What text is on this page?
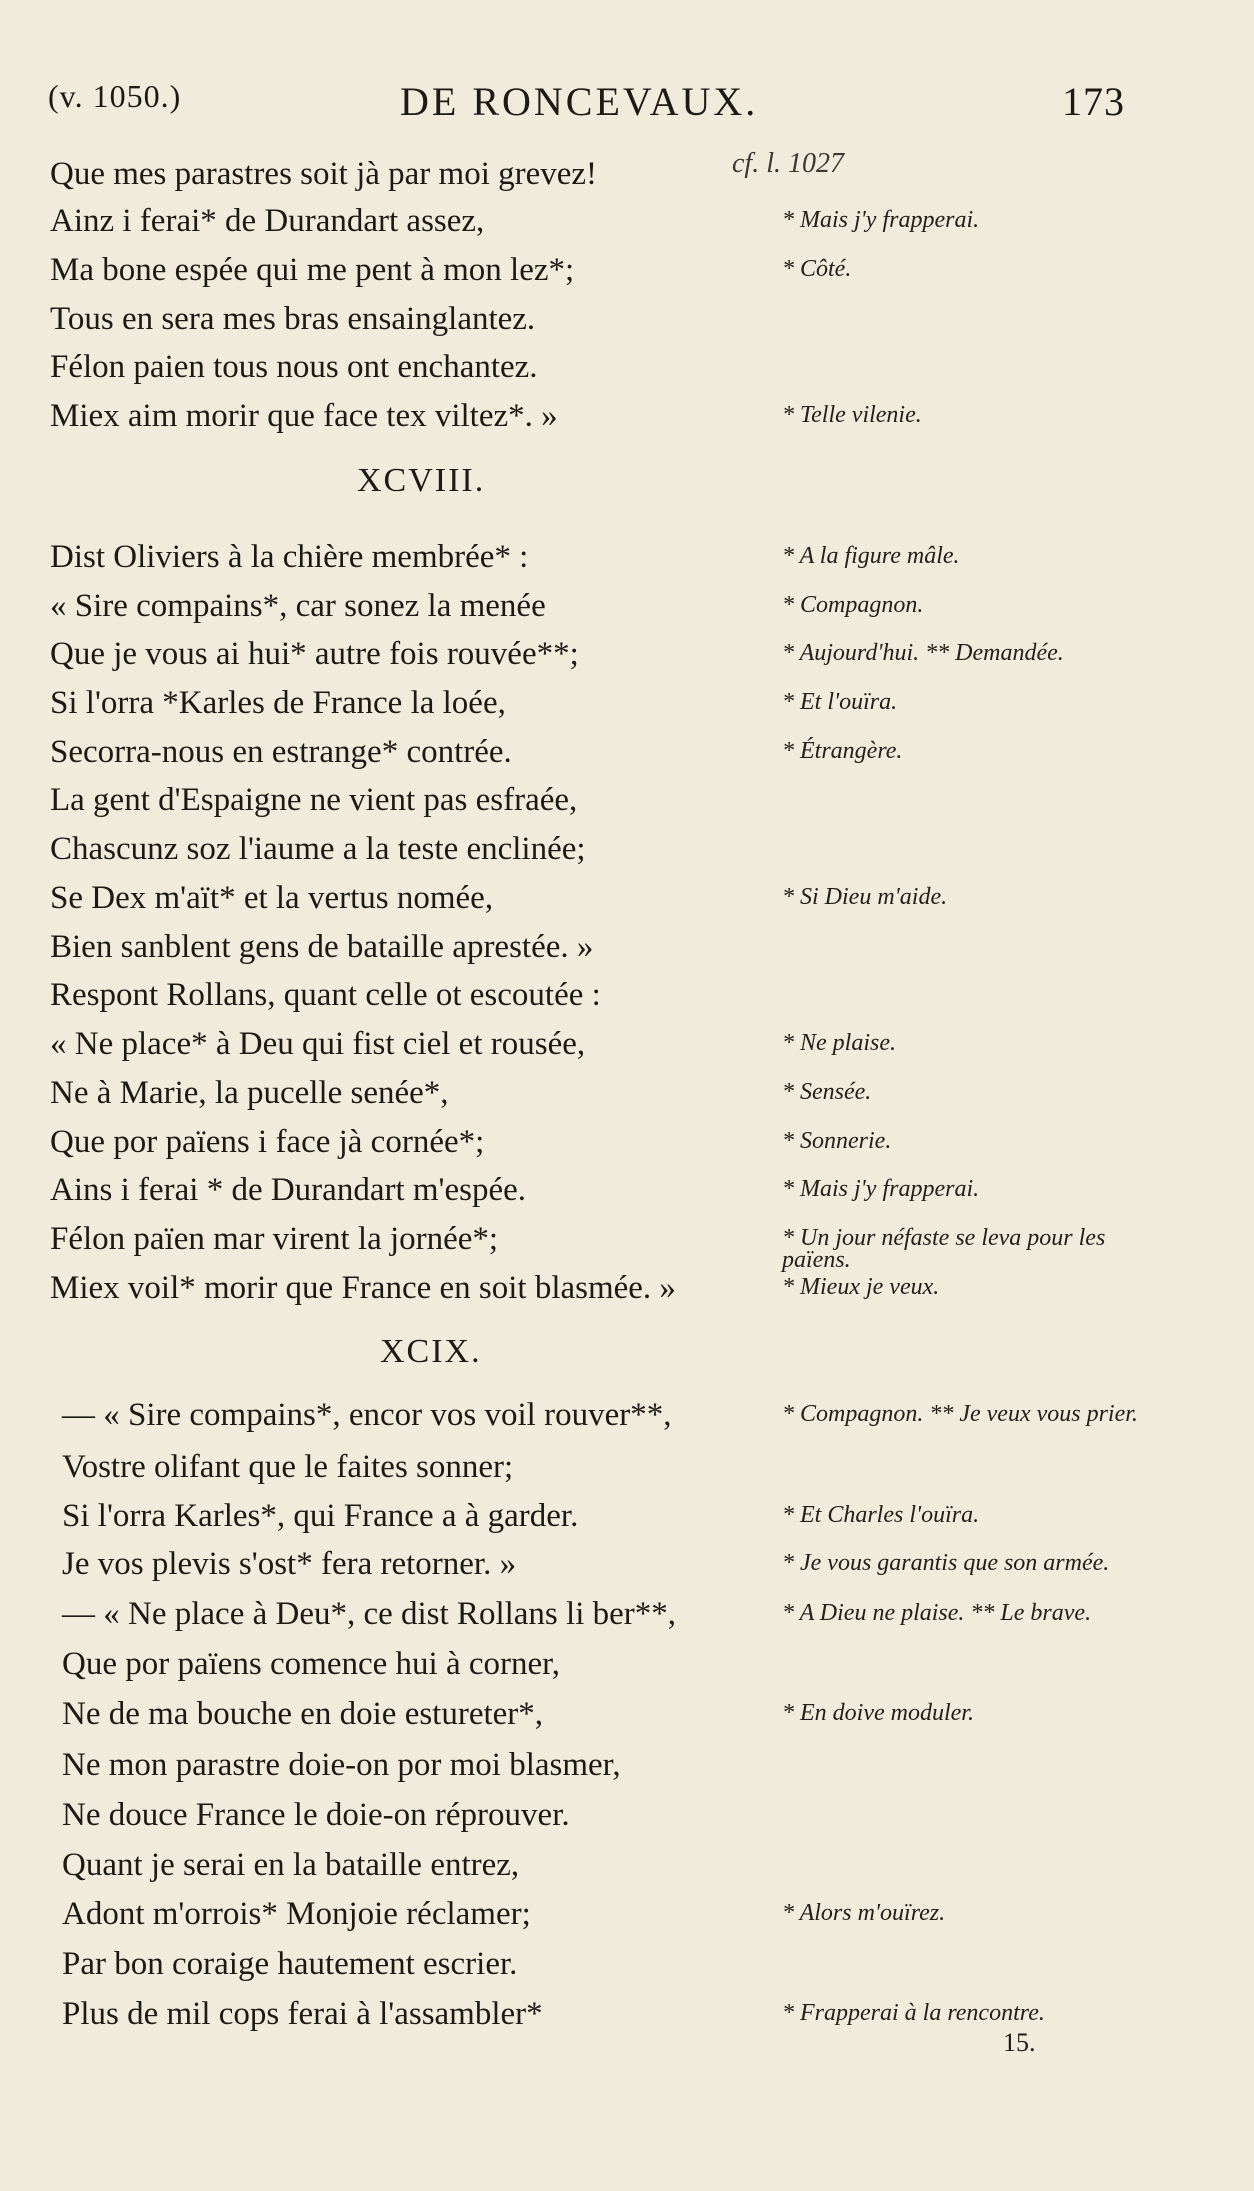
(v. 1050.)	DE RONCEVAUX.	173
cf. l. 1027
Que mes parastres soit jà par moi grevez!
Ainz i ferai* de Durandart assez,	* Mais j'y frapperai.
Ma bone espée qui me pent à mon lez*;	* Côté.
Tous en sera mes bras ensainglantez.
Félon paien tous nous ont enchantez.
Miex aim morir que face tex viltez*. »	* Telle vilenie.
XCVIII.
Dist Oliviers à la chière membrée* :	* A la figure mâle.
« Sire compains*, car sonez la menée	* Compagnon.
Que je vous ai hui* autre fois rouvée**;	* Aujourd'hui. ** Demandée.
Si l'orra *Karles de France la loée,	* Et l'ouïra.
Secorra-nous en estrange* contrée.	* Étrangère.
La gent d'Espaigne ne vient pas esfraée,
Chascunz soz l'iaume a la teste enclinée;
Se Dex m'aït* et la vertus nomée,	* Si Dieu m'aide.
Bien sanblent gens de bataille aprestée. »
Respont Rollans, quant celle ot escoutée :
« Ne place* à Deu qui fist ciel et rousée,	* Ne plaise.
Ne à Marie, la pucelle senée*,	* Sensée.
Que por païens i face jà cornée*;	* Sonnerie.
Ains i ferai * de Durandart m'espée.	* Mais j'y frapperai.
Félon païen mar virent la jornée*;	* Un jour néfaste se leva pour les païens.
Miex voil* morir que France en soit blasmée. »	* Mieux je veux.
XCIX.
— « Sire compains*, encor vos voil rouver**,	* Compagnon. ** Je veux vous prier.
Vostre olifant que le faites sonner;
Si l'orra Karles*, qui France a à garder.	* Et Charles l'ouïra.
Je vos plevis s'ost* fera retorner. »	* Je vous garantis que son armée.
— « Ne place à Deu*, ce dist Rollans li ber**,	* A Dieu ne plaise. ** Le brave.
Que por païens comence hui à corner,
Ne de ma bouche en doie estureter*,	* En doive moduler.
Ne mon parastre doie-on por moi blasmer,
Ne douce France le doie-on réprouver.
Quant je serai en la bataille entrez,
Adont m'orrois* Monjoie réclamer;	* Alors m'ouïrez.
Par bon coraige hautement escrier.
Plus de mil cops ferai à l'assambler*	* Frapperai à la rencontre.
15.
